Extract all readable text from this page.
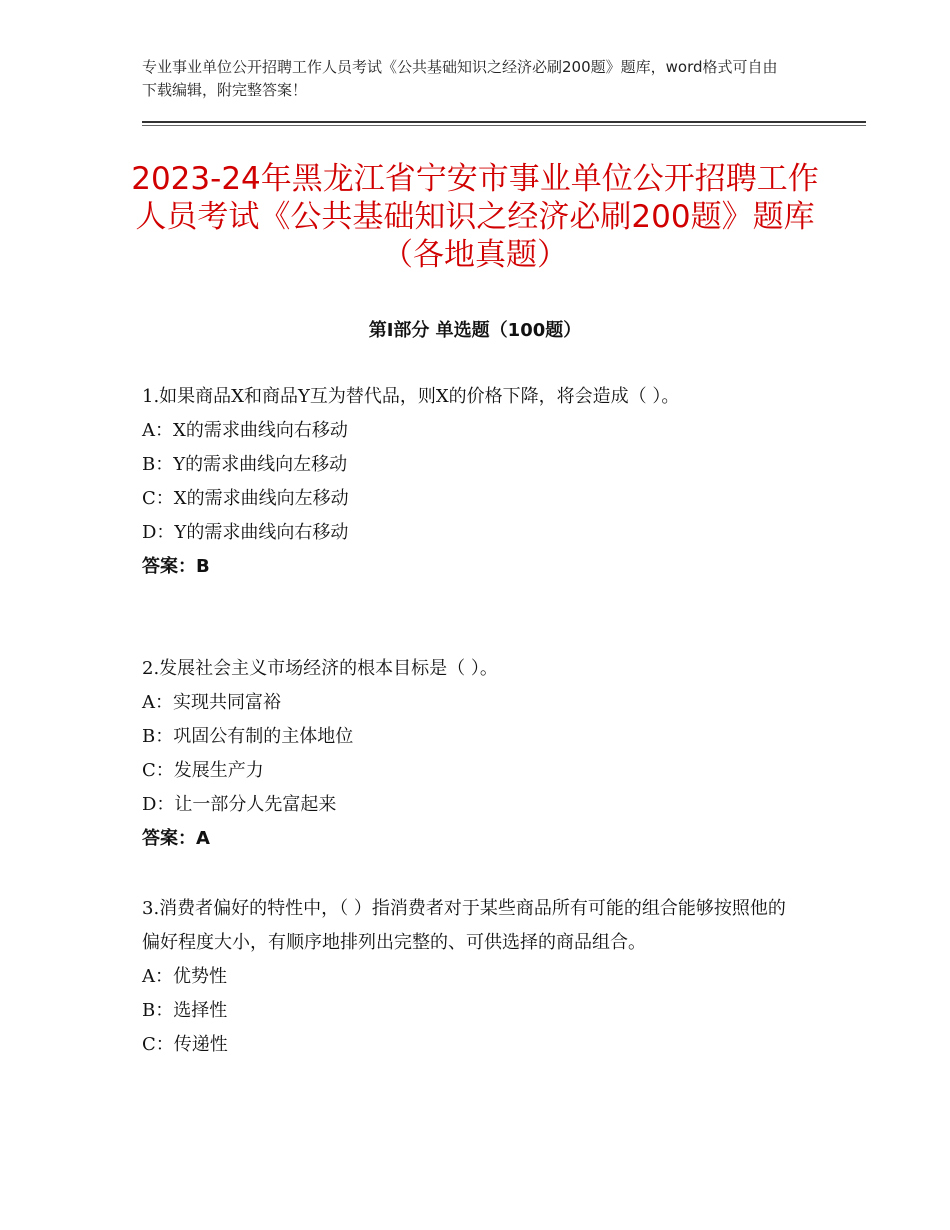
专业事业单位公开招聘工作人员考试《公共基础知识之经济必刷200题》题库，word格式可自由下载编辑，附完整答案！
2023-24年黑龙江省宁安市事业单位公开招聘工作人员考试《公共基础知识之经济必刷200题》题库（各地真题）
第Ⅰ部分 单选题（100题）

1.如果商品X和商品Y互为替代品，则X的价格下降，将会造成（ ）。

A：X的需求曲线向右移动

B：Y的需求曲线向左移动

C：X的需求曲线向左移动

D：Y的需求曲线向右移动

答案：B

2.发展社会主义市场经济的根本目标是（ ）。

A：实现共同富裕

B：巩固公有制的主体地位

C：发展生产力

D：让一部分人先富起来

答案：A

3.消费者偏好的特性中，（ ）指消费者对于某些商品所有可能的组合能够按照他的偏好程度大小，有顺序地排列出完整的、可供选择的商品组合。

A：优势性

B：选择性

C：传递性
